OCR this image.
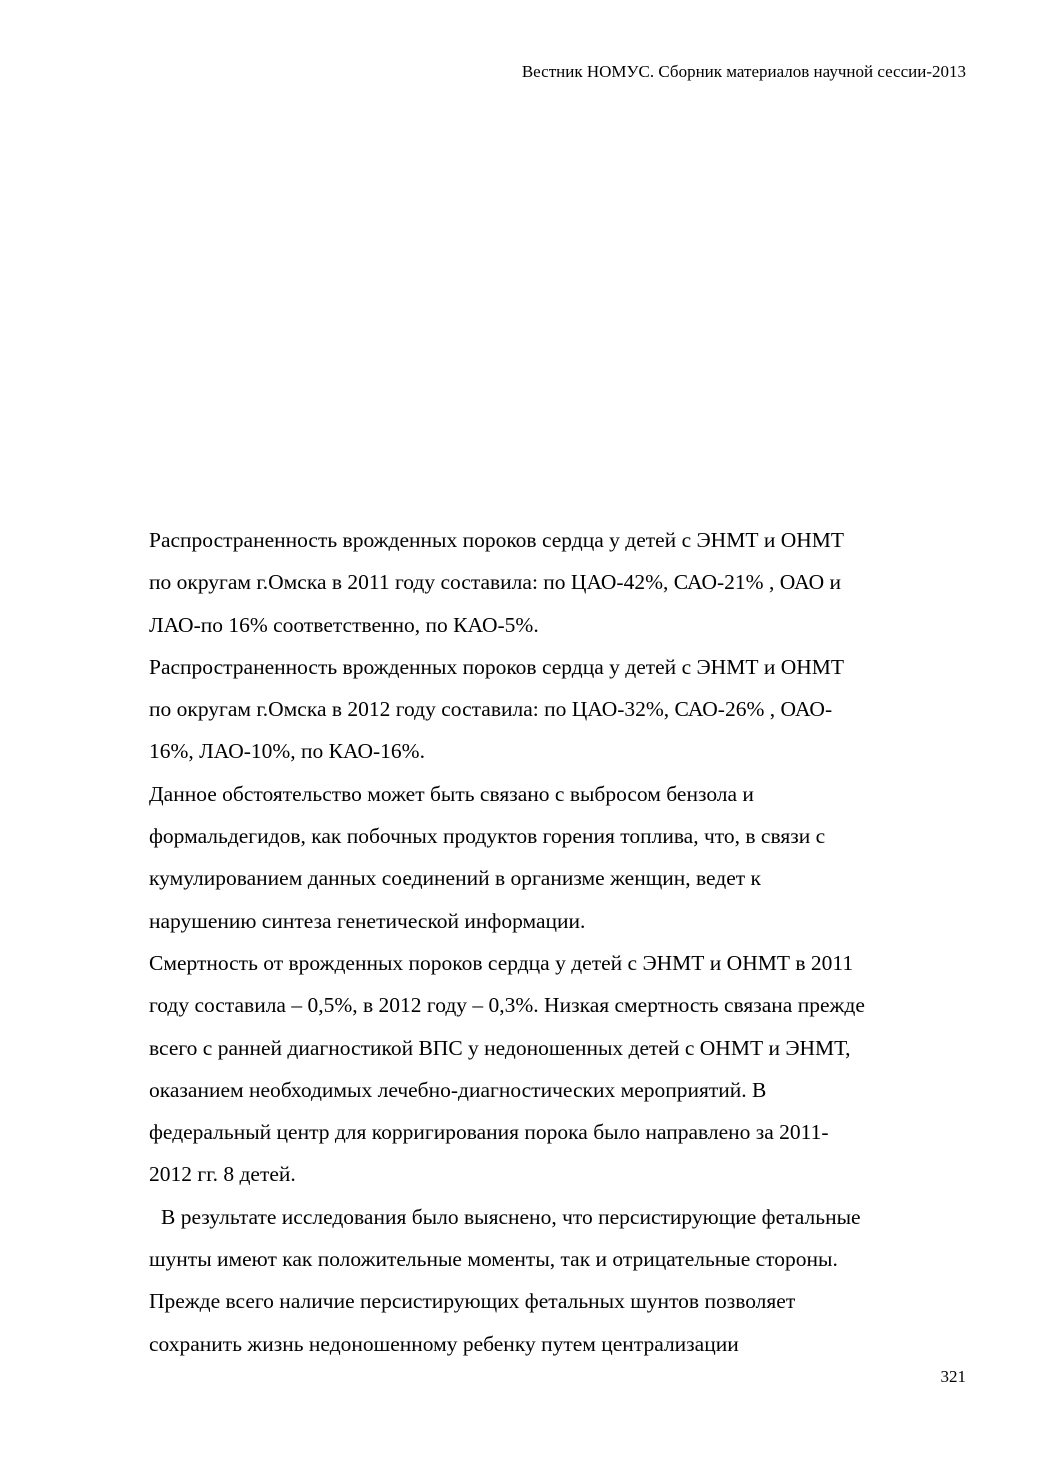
Вестник НОМУС. Сборник материалов научной сессии-2013
Распространенность врожденных пороков сердца у детей с ЭНМТ и ОНМТ
по округам г.Омска в 2011 году составила: по ЦАО-42%, САО-21% , ОАО и
ЛАО-по 16% соответственно, по КАО-5%.
Распространенность врожденных пороков сердца у детей с ЭНМТ и ОНМТ
по округам г.Омска в 2012 году составила: по ЦАО-32%, САО-26% , ОАО-
16%, ЛАО-10%, по КАО-16%.
Данное обстоятельство может быть связано с выбросом бензола и
формальдегидов, как побочных продуктов горения топлива, что, в связи с
кумулированием данных соединений в организме женщин, ведет к
нарушению синтеза генетической информации.
Смертность от врожденных пороков сердца у детей с ЭНМТ и ОНМТ в 2011
году составила – 0,5%, в 2012 году – 0,3%. Низкая смертность связана прежде
всего с ранней диагностикой ВПС у недоношенных детей с ОНМТ и ЭНМТ,
оказанием необходимых лечебно-диагностических мероприятий. В
федеральный центр для корригирования порока было направлено за 2011-
2012 гг. 8 детей.
В результате исследования было выяснено, что персистирующие фетальные
шунты имеют как положительные моменты, так и отрицательные стороны.
Прежде всего наличие персистирующих фетальных шунтов позволяет
сохранить жизнь недоношенному ребенку путем централизации
321
